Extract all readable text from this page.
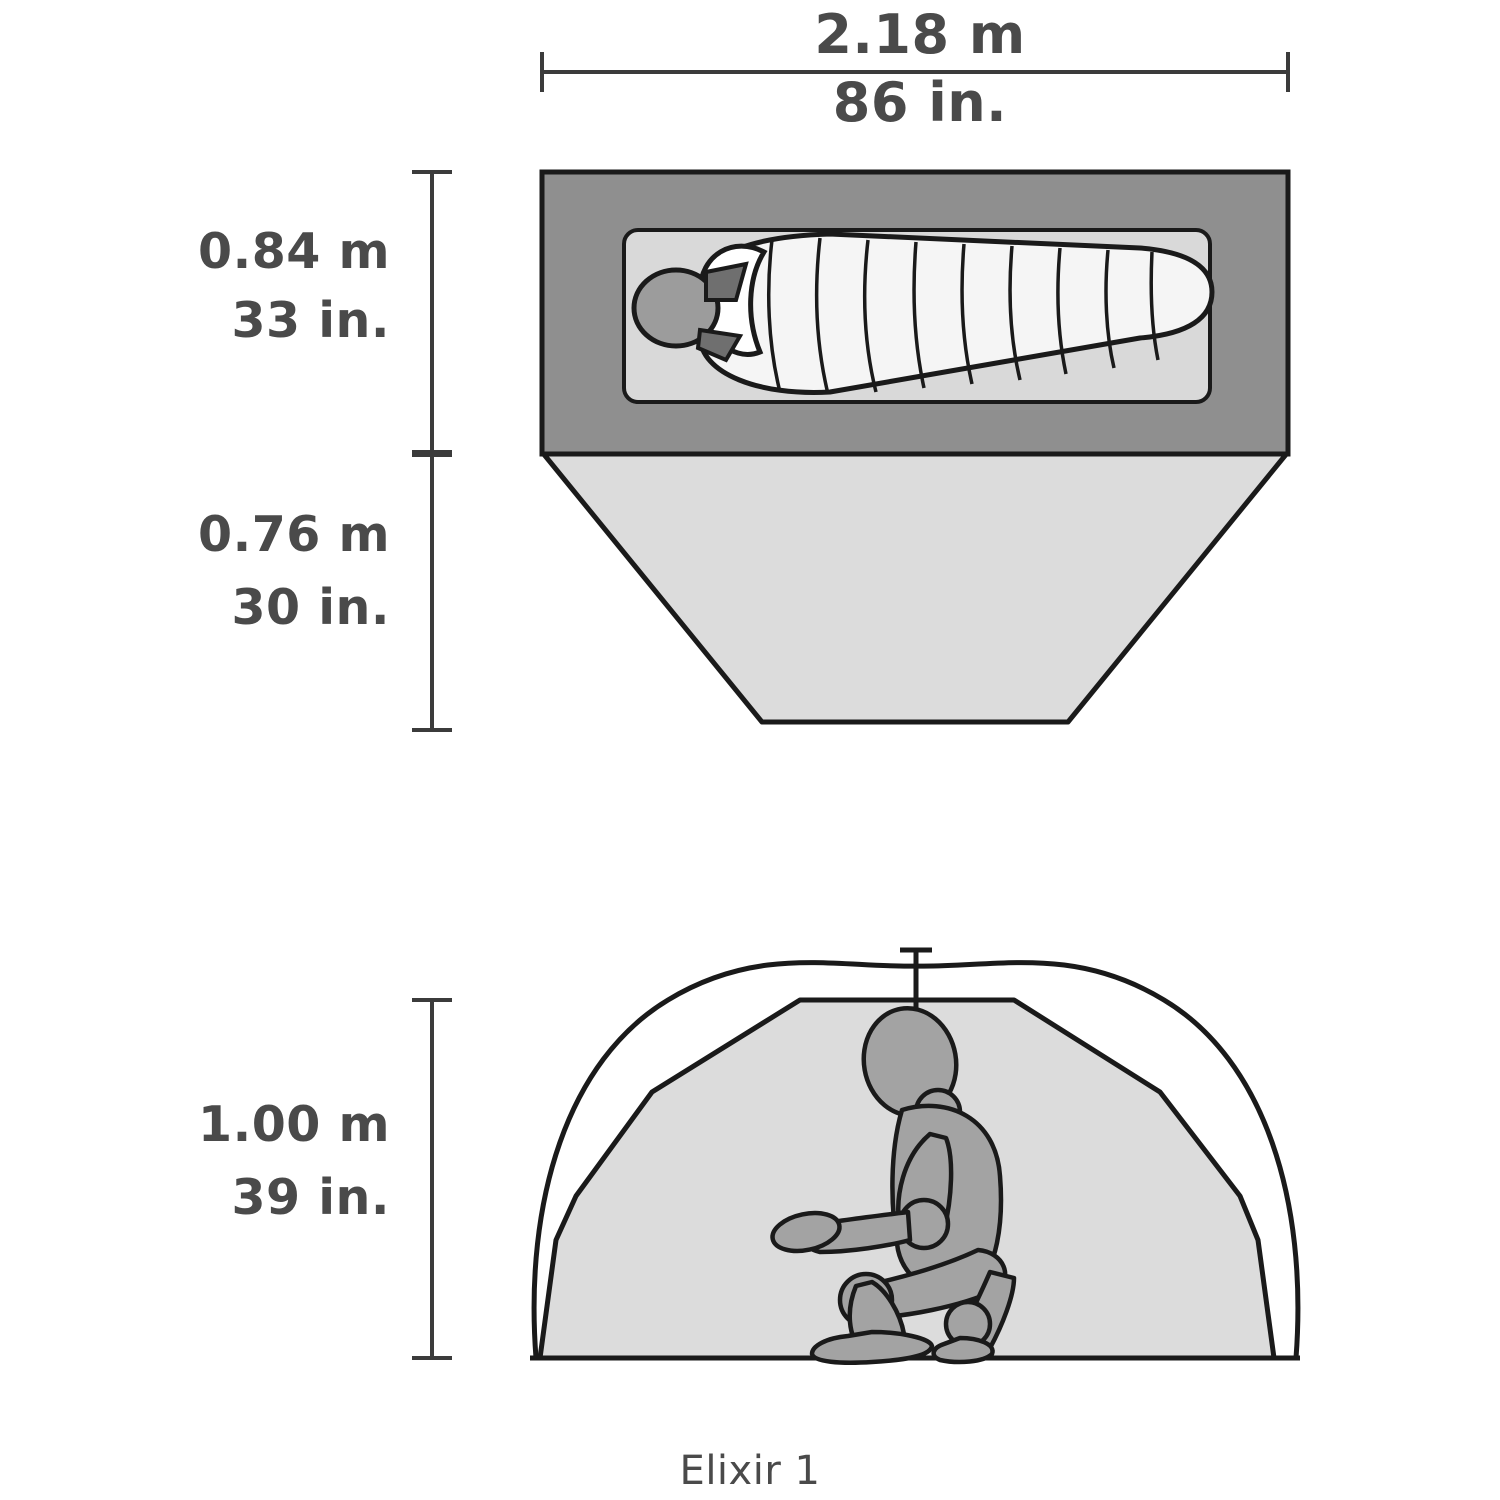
2.18 m
86 in.
0.84 m
33 in.
0.76 m
30 in.
1.00 m
39 in.
Elixir 1
